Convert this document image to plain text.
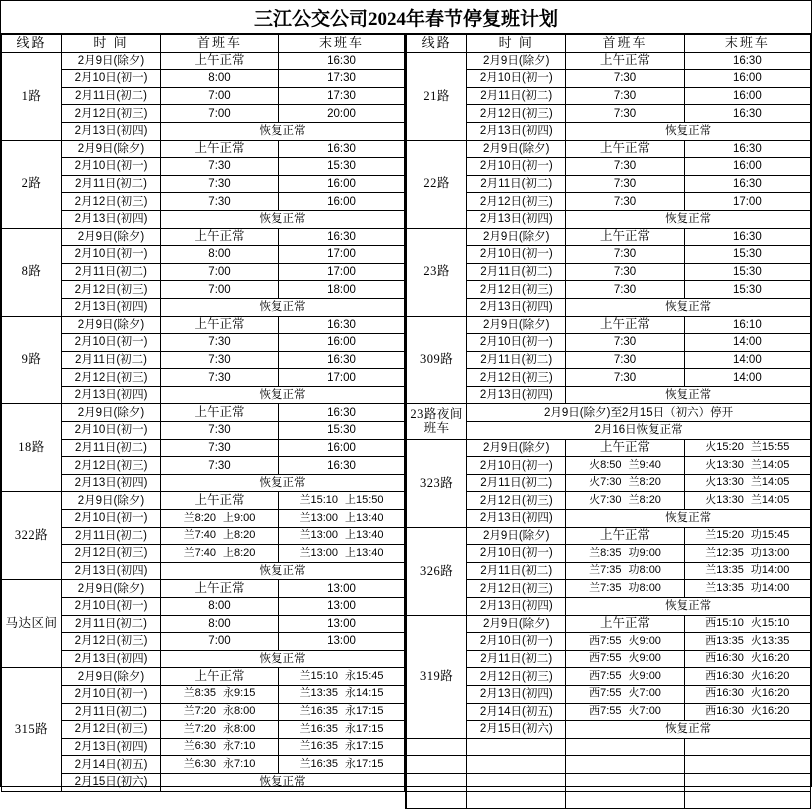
三江公交公司2024年春节停复班计划
线路	时 间	首班车	末班车
1路	2月9日(除夕)	上午正常	16:30
	2月10日(初一)	8:00	17:30
	2月11日(初二)	7:00	17:30
	2月12日(初三)	7:00	20:00
	2月13日(初四)	恢复正常	
2路	2月9日(除夕)	上午正常	16:30
	2月10日(初一)	7:30	15:30
	2月11日(初二)	7:30	16:00
	2月12日(初三)	7:30	16:00
	2月13日(初四)	恢复正常	
8路	2月9日(除夕)	上午正常	16:30
	2月10日(初一)	8:00	17:00
	2月11日(初二)	7:00	17:00
	2月12日(初三)	7:00	18:00
	2月13日(初四)	恢复正常	
9路	2月9日(除夕)	上午正常	16:30
	2月10日(初一)	7:30	16:00
	2月11日(初二)	7:30	16:30
	2月12日(初三)	7:30	17:00
	2月13日(初四)	恢复正常	
18路	2月9日(除夕)	上午正常	16:30
	2月10日(初一)	7:30	15:30
	2月11日(初二)	7:30	16:00
	2月12日(初三)	7:30	16:30
	2月13日(初四)	恢复正常	
322路	2月9日(除夕)	上午正常	兰15:10 上15:50
	2月10日(初一)	兰8:20 上9:00	兰13:00 上13:40
	2月11日(初二)	兰7:40 上8:20	兰13:00 上13:40
	2月12日(初三)	兰7:40 上8:20	兰13:00 上13:40
	2月13日(初四)	恢复正常	
马达区间	2月9日(除夕)	上午正常	13:00
	2月10日(初一)	8:00	13:00
	2月11日(初二)	8:00	13:00
	2月12日(初三)	7:00	13:00
	2月13日(初四)	恢复正常	
315路	2月9日(除夕)	上午正常	兰15:10 永15:45
	2月10日(初一)	兰8:35 永9:15	兰13:35 永14:15
	2月11日(初二)	兰7:20 永8:00	兰16:35 永17:15
	2月12日(初三)	兰7:20 永8:00	兰16:35 永17:15
	2月13日(初四)	兰6:30 永7:10	兰16:35 永17:15
	2月14日(初五)	兰6:30 永7:10	兰16:35 永17:15
	2月15日(初六)	恢复正常	
线路	时 间	首班车	末班车
21路	2月9日(除夕)	上午正常	16:30
	2月10日(初一)	7:30	16:00
	2月11日(初二)	7:30	16:00
	2月12日(初三)	7:30	16:30
	2月13日(初四)	恢复正常	
22路	2月9日(除夕)	上午正常	16:30
	2月10日(初一)	7:30	16:00
	2月11日(初二)	7:30	16:30
	2月12日(初三)	7:30	17:00
	2月13日(初四)	恢复正常	
23路	2月9日(除夕)	上午正常	16:30
	2月10日(初一)	7:30	15:30
	2月11日(初二)	7:30	15:30
	2月12日(初三)	7:30	15:30
	2月13日(初四)	恢复正常	
309路	2月9日(除夕)	上午正常	16:10
	2月10日(初一)	7:30	14:00
	2月11日(初二)	7:30	14:00
	2月12日(初三)	7:30	14:00
	2月13日(初四)	恢复正常	
23路夜间
班车	2月9日(除夕)至2月15日（初六）停开		
	2月16日恢复正常		
323路	2月9日(除夕)	上午正常	火15:20 兰15:55
	2月10日(初一)	火8:50 兰9:40	火13:30 兰14:05
	2月11日(初二)	火7:30 兰8:20	火13:30 兰14:05
	2月12日(初三)	火7:30 兰8:20	火13:30 兰14:05
	2月13日(初四)	恢复正常	
326路	2月9日(除夕)	上午正常	兰15:20 功15:45
	2月10日(初一)	兰8:35 功9:00	兰12:35 功13:00
	2月11日(初二)	兰7:35 功8:00	兰13:35 功14:00
	2月12日(初三)	兰7:35 功8:00	兰13:35 功14:00
	2月13日(初四)	恢复正常	
319路	2月9日(除夕)	上午正常	西15:10 火15:10
	2月10日(初一)	西7:55 火9:00	西13:35 火13:35
	2月11日(初二)	西7:55 火9:00	西16:30 火16:20
	2月12日(初三)	西7:55 火9:00	西16:30 火16:20
	2月13日(初四)	西7:55 火7:00	西16:30 火16:20
	2月14日(初五)	西7:55 火7:00	西16:30 火16:20
	2月15日(初六)	恢复正常	
